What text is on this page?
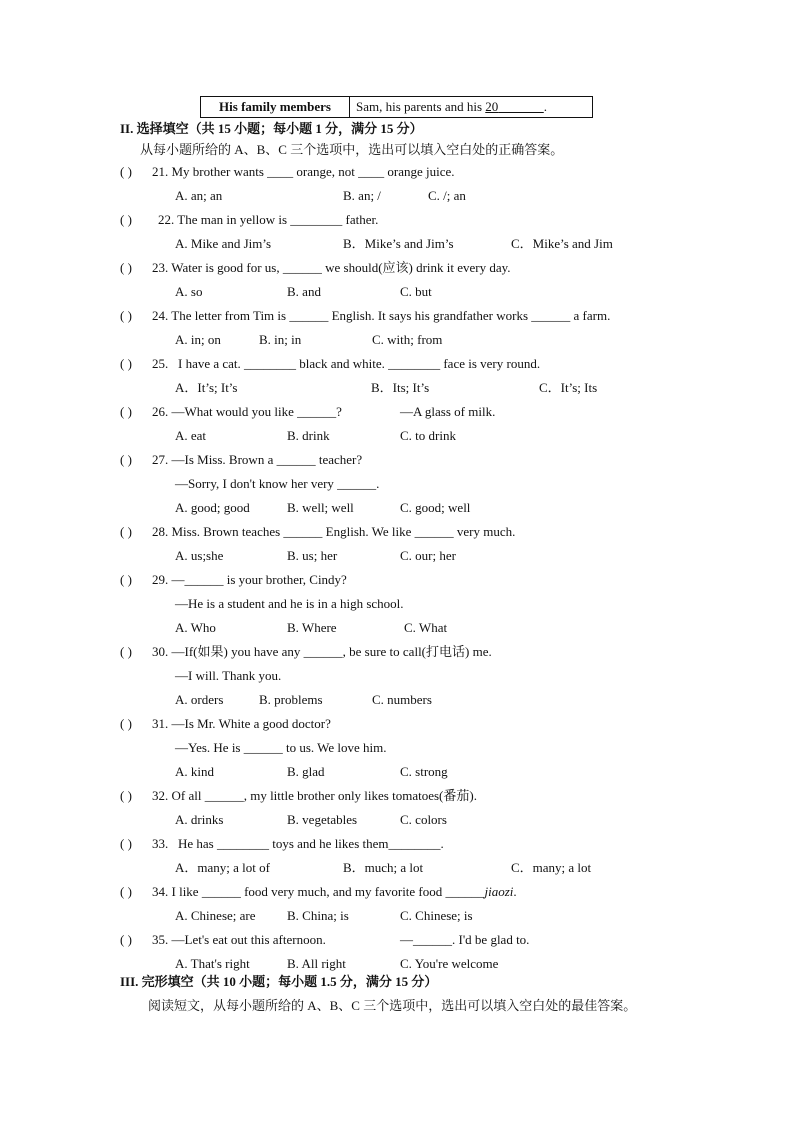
His family members	Sam, his parents and his 20	.
II. 选择填空（共 15 小题；每小题 1 分，满分 15 分）
从每小题所给的 A、B、C 三个选项中，选出可以填入空白处的正确答案。
( ) 21. My brother wants ____ orange, not ____ orange juice.
A. an; an	B. an; /	C. /; an
( ) 22. The man in yellow is ________ father.
A. Mike and Jim’s	B．Mike’s and Jim’s	C．Mike’s and Jim
( ) 23. Water is good for us, ______ we should(应该) drink it every day.
A. so	B. and	C. but
( ) 24. The letter from Tim is ______ English. It says his grandfather works ______ a farm.
A. in; on	B. in; in	C. with; from
( ) 25. I have a cat. ________ black and white. ________ face is very round.
A．It’s; It’s	B．Its; It’s	C．It’s; Its
( ) 26. —What would you like ______?	—A glass of milk.
A. eat	B. drink	C. to drink
( ) 27. —Is Miss. Brown a ______ teacher?
—Sorry, I don't know her very ______.
A. good; good	B. well; well	C. good; well
( ) 28. Miss. Brown teaches ______ English. We like ______ very much.
A. us;she	B. us; her	C. our; her
( ) 29. —______ is your brother, Cindy?
—He is a student and he is in a high school.
A. Who	B. Where	C. What
( ) 30. —If(如果) you have any ______, be sure to call(打电话) me.
—I will. Thank you.
A. orders	B. problems	C. numbers
( ) 31. —Is Mr. White a good doctor?
—Yes. He is ______ to us. We love him.
A. kind	B. glad	C. strong
( ) 32. Of all ______, my little brother only likes tomatoes(番茄).
A. drinks	B. vegetables	C. colors
( ) 33. He has ________ toys and he likes them________.
A．many; a lot of	B．much; a lot	C．many; a lot
( ) 34. I like ______ food very much, and my favorite food ______jiaozi.
A. Chinese; are B. China; is	C. Chinese; is
( ) 35. —Let's eat out this afternoon.	—______. I'd be glad to.
A. That's right	B. All right	C. You're welcome
III. 完形填空（共 10 小题；每小题 1.5 分，满分 15 分）
阅读短文，从每小题所给的 A、B、C 三个选项中，选出可以填入空白处的最佳答案。
